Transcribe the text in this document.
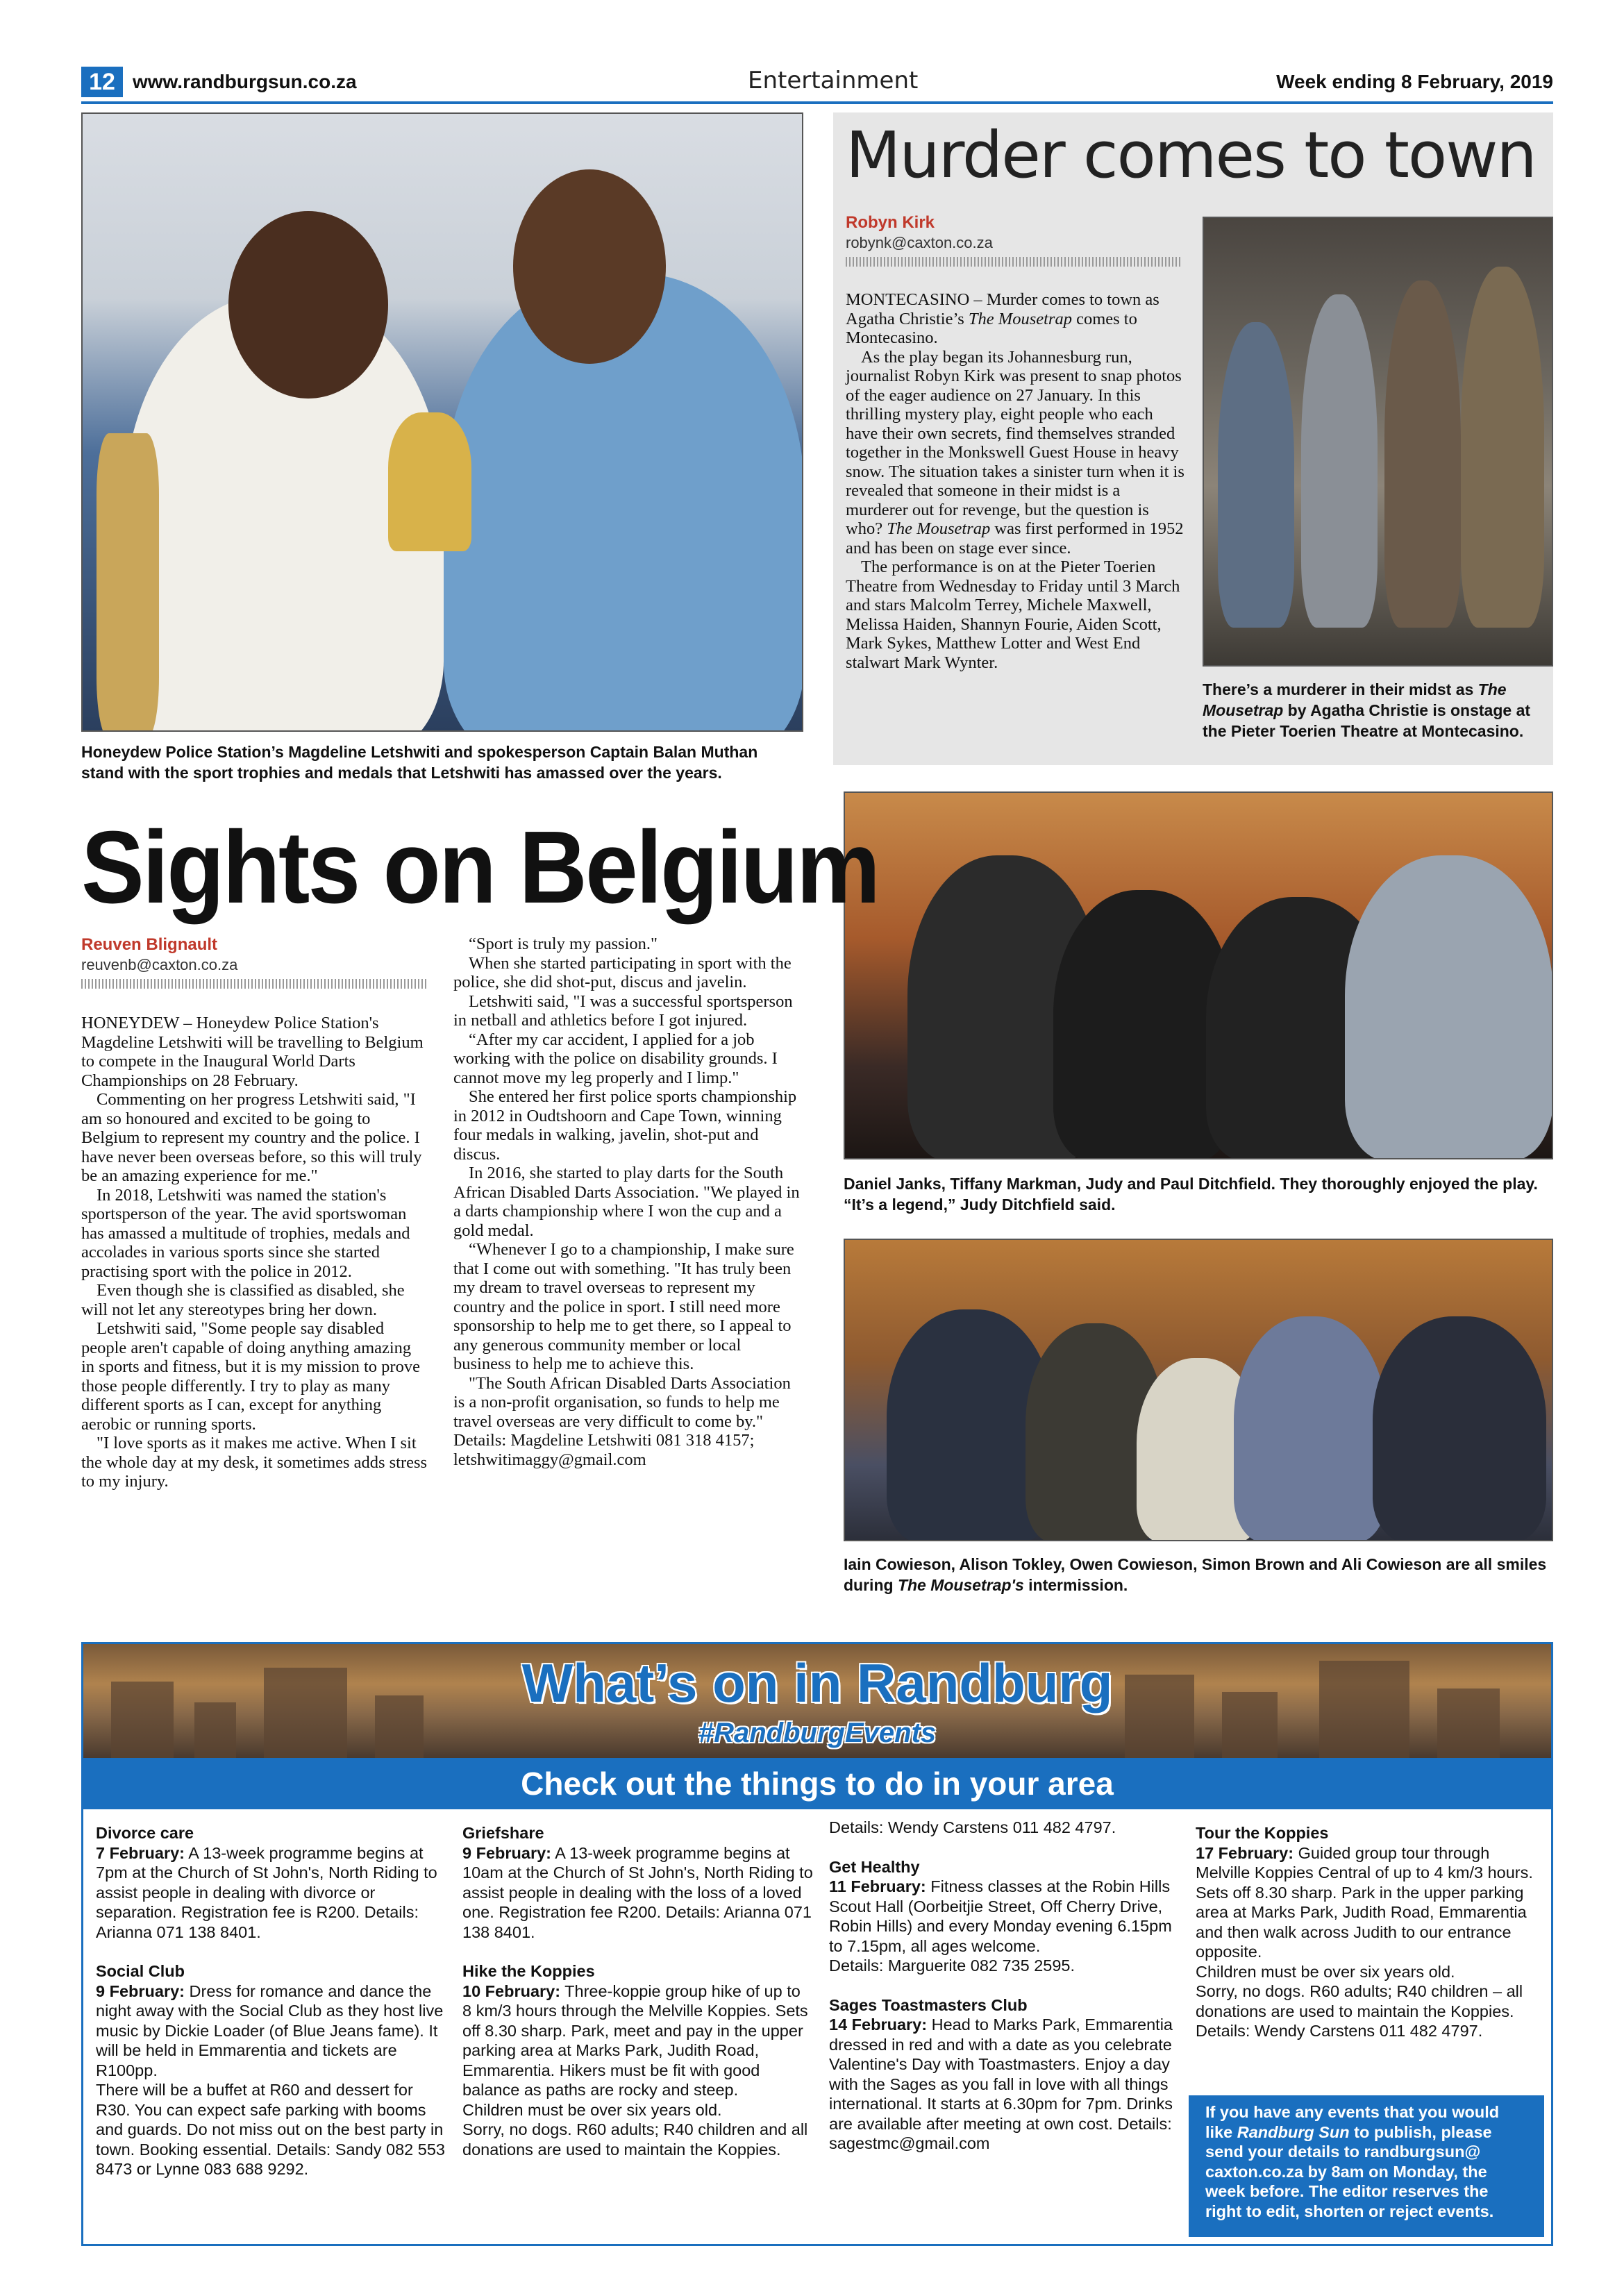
12 www.randburgsun.co.za	Entertainment	Week ending 8 February, 2019
Honeydew Police Station’s Magdeline Letshwiti and spokesperson Captain Balan Muthan stand with the sport trophies and medals that Letshwiti has amassed over the years.
Murder comes to town
Robyn Kirk
robynk@caxton.co.za

MONTECASINO – Murder comes to town as Agatha Christie’s The Mousetrap comes to Montecasino.

As the play began its Johannesburg run, journalist Robyn Kirk was present to snap photos of the eager audience on 27 January. In this thrilling mystery play, eight people who each have their own secrets, find themselves stranded together in the Monkswell Guest House in heavy snow. The situation takes a sinister turn when it is revealed that someone in their midst is a murderer out for revenge, but the question is who? The Mousetrap was first performed in 1952 and has been on stage ever since.

The performance is on at the Pieter Toerien Theatre from Wednesday to Friday until 3 March and stars Malcolm Terrey, Michele Maxwell, Melissa Haiden, Shannyn Fourie, Aiden Scott, Mark Sykes, Matthew Lotter and West End stalwart Mark Wynter.

There’s a murderer in their midst as The Mousetrap by Agatha Christie is onstage at the Pieter Toerien Theatre at Montecasino.
Daniel Janks, Tiffany Markman, Judy and Paul Ditchfield. They thoroughly enjoyed the play. “It’s a legend,” Judy Ditchfield said.
Iain Cowieson, Alison Tokley, Owen Cowieson, Simon Brown and Ali Cowieson are all smiles during The Mousetrap's intermission.
Sights on Belgium
Reuven Blignault
reuvenb@caxton.co.za

HONEYDEW – Honeydew Police Station's Magdeline Letshwiti will be travelling to Belgium to compete in the Inaugural World Darts Championships on 28 February.

Commenting on her progress Letshwiti said, "I am so honoured and excited to be going to Belgium to represent my country and the police. I have never been overseas before, so this will truly be an amazing experience for me."

In 2018, Letshwiti was named the station's sportsperson of the year. The avid sportswoman has amassed a multitude of trophies, medals and accolades in various sports since she started practising sport with the police in 2012.

Even though she is classified as disabled, she will not let any stereotypes bring her down.

Letshwiti said, "Some people say disabled people aren't capable of doing anything amazing in sports and fitness, but it is my mission to prove those people differently. I try to play as many different sports as I can, except for anything aerobic or running sports.

"I love sports as it makes me active. When I sit the whole day at my desk, it sometimes adds stress to my injury.

“Sport is truly my passion."

When she started participating in sport with the police, she did shot-put, discus and javelin.

Letshwiti said, "I was a successful sportsperson in netball and athletics before I got injured.

“After my car accident, I applied for a job working with the police on disability grounds. I cannot move my leg properly and I limp."

She entered her first police sports championship in 2012 in Oudtshoorn and Cape Town, winning four medals in walking, javelin, shot-put and discus.

In 2016, she started to play darts for the South African Disabled Darts Association. "We played in a darts championship where I won the cup and a gold medal.

“Whenever I go to a championship, I make sure that I come out with something. "It has truly been my dream to travel overseas to represent my country and the police in sport. I still need more sponsorship to help me to get there, so I appeal to any generous community member or local business to help me to achieve this.

"The South African Disabled Darts Association is a non-profit organisation, so funds to help me travel overseas are very difficult to come by."

Details: Magdeline Letshwiti 081 318 4157; letshwitimaggy@gmail.com

What’s on in Randburg
#RandburgEvents
Check out the things to do in your area
Divorce care
7 February: A 13-week programme begins at 7pm at the Church of St John's, North Riding to assist people in dealing with divorce or separation. Registration fee is R200. Details: Arianna 071 138 8401.
Social Club
9 February: Dress for romance and dance the night away with the Social Club as they host live music by Dickie Loader (of Blue Jeans fame). It will be held in Emmarentia and tickets are R100pp.
There will be a buffet at R60 and dessert for R30. You can expect safe parking with booms and guards. Do not miss out on the best party in town. Booking essential. Details: Sandy 082 553 8473 or Lynne 083 688 9292.
Griefshare
9 February: A 13-week programme begins at 10am at the Church of St John's, North Riding to assist people in dealing with the loss of a loved one. Registration fee R200. Details: Arianna 071 138 8401.
Hike the Koppies
10 February: Three-koppie group hike of up to 8 km/3 hours through the Melville Koppies. Sets off 8.30 sharp. Park, meet and pay in the upper parking area at Marks Park, Judith Road, Emmarentia. Hikers must be fit with good balance as paths are rocky and steep.
Children must be over six years old.
Sorry, no dogs. R60 adults; R40 children and all donations are used to maintain the Koppies.
Details: Wendy Carstens 011 482 4797.
Get Healthy
11 February: Fitness classes at the Robin Hills Scout Hall (Oorbeitjie Street, Off Cherry Drive, Robin Hills) and every Monday evening 6.15pm to 7.15pm, all ages welcome.
Details: Marguerite 082 735 2595.
Sages Toastmasters Club
14 February: Head to Marks Park, Emmarentia dressed in red and with a date as you celebrate Valentine's Day with Toastmasters. Enjoy a day with the Sages as you fall in love with all things international. It starts at 6.30pm for 7pm. Drinks are available after meeting at own cost. Details: sagestmc@gmail.com
Tour the Koppies
17 February: Guided group tour through Melville Koppies Central of up to 4 km/3 hours. Sets off 8.30 sharp. Park in the upper parking area at Marks Park, Judith Road, Emmarentia and then walk across Judith to our entrance opposite.
Children must be over six years old.
Sorry, no dogs. R60 adults; R40 children – all donations are used to maintain the Koppies.
Details: Wendy Carstens 011 482 4797.
If you have any events that you would like Randburg Sun to publish, please send your details to randburgsun@ caxton.co.za by 8am on Monday, the week before. The editor reserves the right to edit, shorten or reject events.
